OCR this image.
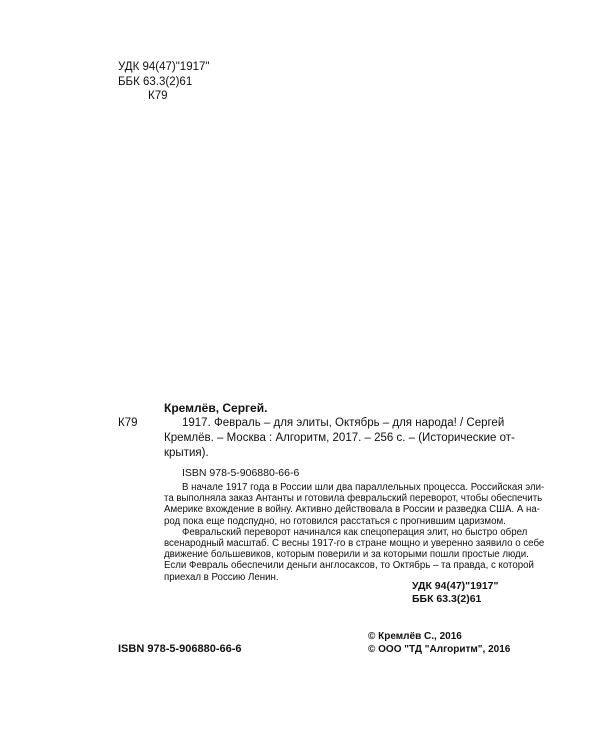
УДК 94(47)"1917"
ББК 63.3(2)61
К79
Кремлёв, Сергей.
К79	1917. Февраль – для элиты, Октябрь – для народа! / Сергей
Кремлёв. – Москва : Алгоритм, 2017. – 256 с. – (Исторические от-
крытия).
ISBN 978-5-906880-66-6
В начале 1917 года в России шли два параллельных процесса. Российская эли-
та выполняла заказ Антанты и готовила февральский переворот, чтобы обеспечить
Америке вхождение в войну. Активно действовала в России и разведка США. А на-
род пока еще подспудно, но готовился расстаться с прогнившим царизмом.
Февральский переворот начинался как спецоперация элит, но быстро обрел
всенародный масштаб. С весны 1917-го в стране мощно и уверенно заявило о себе
движение большевиков, которым поверили и за которыми пошли простые люди.
Если Февраль обеспечили деньги англосаксов, то Октябрь – та правда, с которой
приехал в Россию Ленин.
УДК 94(47)"1917"
ББК 63.3(2)61
ISBN 978-5-906880-66-6
© Кремлёв С., 2016
© ООО "ТД "Алгоритм", 2016
